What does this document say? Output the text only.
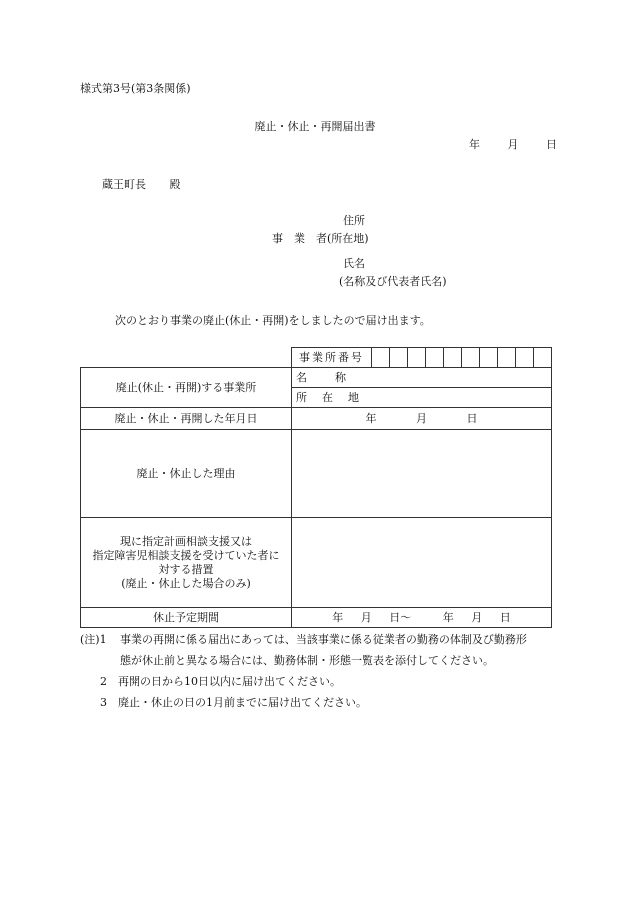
様式第3号(第3条関係)
廃止・休止・再開届出書
年	月	日
蔵王町長 殿
住所
事　業　者(所在地)
氏名
(名称及び代表者氏名)
次のとおり事業の廃止(休止・再開)をしましたので届け出ます。
	事業所番号										
廃止(休止・再開)する事業所	名　　称										
	所　在　地										
廃止・休止・再開した年月日	年 月 日										
廃止・休止した理由											

現に指定計画相談支援又は
指定障害児相談支援を受けていた者に
対する措置
(廃止・休止した場合のみ)											

休止予定期間	年 月 日〜 年 月 日										
(注)1	事業の再開に係る届出にあっては、当該事業に係る従業者の勤務の体制及び勤務形
態が休止前と異なる場合には、勤務体制・形態一覧表を添付してください。
2　再開の日から10日以内に届け出てください。
3　廃止・休止の日の1月前までに届け出てください。
